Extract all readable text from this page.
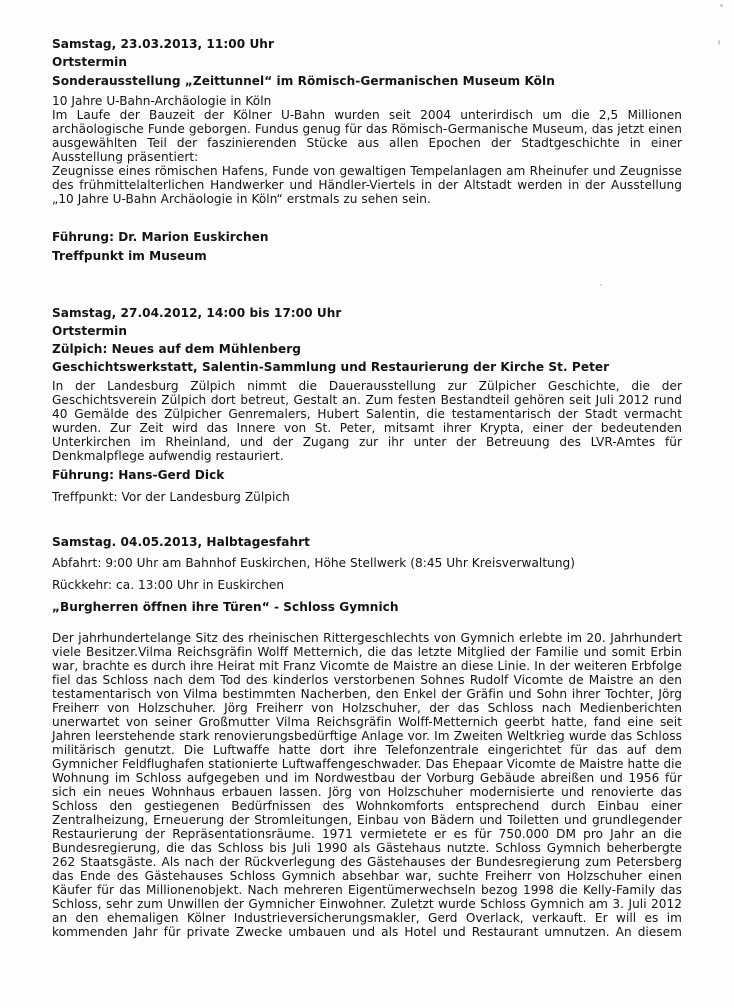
Samstag, 23.03.2013, 11:00 Uhr
Ortstermin
Sonderausstellung „Zeittunnel“ im Römisch-Germanischen Museum Köln
10 Jahre U-Bahn-Archäologie in Köln
Im Laufe der Bauzeit der Kölner U-Bahn wurden seit 2004 unterirdisch um die 2,5 Millionen
archäologische Funde geborgen. Fundus genug für das Römisch-Germanische Museum, das jetzt einen
ausgewählten Teil der faszinierenden Stücke aus allen Epochen der Stadtgeschichte in einer
Ausstellung präsentiert:
Zeugnisse eines römischen Hafens, Funde von gewaltigen Tempelanlagen am Rheinufer und Zeugnisse
des frühmittelalterlichen Handwerker und Händler-Viertels in der Altstadt werden in der Ausstellung
„10 Jahre U-Bahn Archäologie in Köln“ erstmals zu sehen sein.
Führung: Dr. Marion Euskirchen
Treffpunkt im Museum
Samstag, 27.04.2012, 14:00 bis 17:00 Uhr
Ortstermin
Zülpich: Neues auf dem Mühlenberg
Geschichtswerkstatt, Salentin-Sammlung und Restaurierung der Kirche St. Peter
In der Landesburg Zülpich nimmt die Dauerausstellung zur Zülpicher Geschichte, die der
Geschichtsverein Zülpich dort betreut, Gestalt an. Zum festen Bestandteil gehören seit Juli 2012 rund
40 Gemälde des Zülpicher Genremalers, Hubert Salentin, die testamentarisch der Stadt vermacht
wurden. Zur Zeit wird das Innere von St. Peter, mitsamt ihrer Krypta, einer der bedeutenden
Unterkirchen im Rheinland, und der Zugang zur ihr unter der Betreuung des LVR-Amtes für
Denkmalpflege aufwendig restauriert.
Führung: Hans-Gerd Dick
Treffpunkt: Vor der Landesburg Zülpich
Samstag. 04.05.2013, Halbtagesfahrt
Abfahrt: 9:00 Uhr am Bahnhof Euskirchen, Höhe Stellwerk (8:45 Uhr Kreisverwaltung)
Rückkehr: ca. 13:00 Uhr in Euskirchen
„Burgherren öffnen ihre Türen“ - Schloss Gymnich
Der jahrhundertelange Sitz des rheinischen Rittergeschlechts von Gymnich erlebte im 20. Jahrhundert
viele Besitzer.Vilma Reichsgräfin Wolff Metternich, die das letzte Mitglied der Familie und somit Erbin
war, brachte es durch ihre Heirat mit Franz Vicomte de Maistre an diese Linie. In der weiteren Erbfolge
fiel das Schloss nach dem Tod des kinderlos verstorbenen Sohnes Rudolf Vicomte de Maistre an den
testamentarisch von Vilma bestimmten Nacherben, den Enkel der Gräfin und Sohn ihrer Tochter, Jörg
Freiherr von Holzschuher. Jörg Freiherr von Holzschuher, der das Schloss nach Medienberichten
unerwartet von seiner Großmutter Vilma Reichsgräfin Wolff-Metternich geerbt hatte, fand eine seit
Jahren leerstehende stark renovierungsbedürftige Anlage vor. Im Zweiten Weltkrieg wurde das Schloss
militärisch genutzt. Die Luftwaffe hatte dort ihre Telefonzentrale eingerichtet für das auf dem
Gymnicher Feldflughafen stationierte Luftwaffengeschwader. Das Ehepaar Vicomte de Maistre hatte die
Wohnung im Schloss aufgegeben und im Nordwestbau der Vorburg Gebäude abreißen und 1956 für
sich ein neues Wohnhaus erbauen lassen. Jörg von Holzschuher modernisierte und renovierte das
Schloss den gestiegenen Bedürfnissen des Wohnkomforts entsprechend durch Einbau einer
Zentralheizung, Erneuerung der Stromleitungen, Einbau von Bädern und Toiletten und grundlegender
Restaurierung der Repräsentationsräume. 1971 vermietete er es für 750.000 DM pro Jahr an die
Bundesregierung, die das Schloss bis Juli 1990 als Gästehaus nutzte. Schloss Gymnich beherbergte
262 Staatsgäste. Als nach der Rückverlegung des Gästehauses der Bundesregierung zum Petersberg
das Ende des Gästehauses Schloss Gymnich absehbar war, suchte Freiherr von Holzschuher einen
Käufer für das Millionenobjekt. Nach mehreren Eigentümerwechseln bezog 1998 die Kelly-Family das
Schloss, sehr zum Unwillen der Gymnicher Einwohner. Zuletzt wurde Schloss Gymnich am 3. Juli 2012
an den ehemaligen Kölner Industrieversicherungsmakler, Gerd Overlack, verkauft. Er will es im
kommenden Jahr für private Zwecke umbauen und als Hotel und Restaurant umnutzen. An diesem
